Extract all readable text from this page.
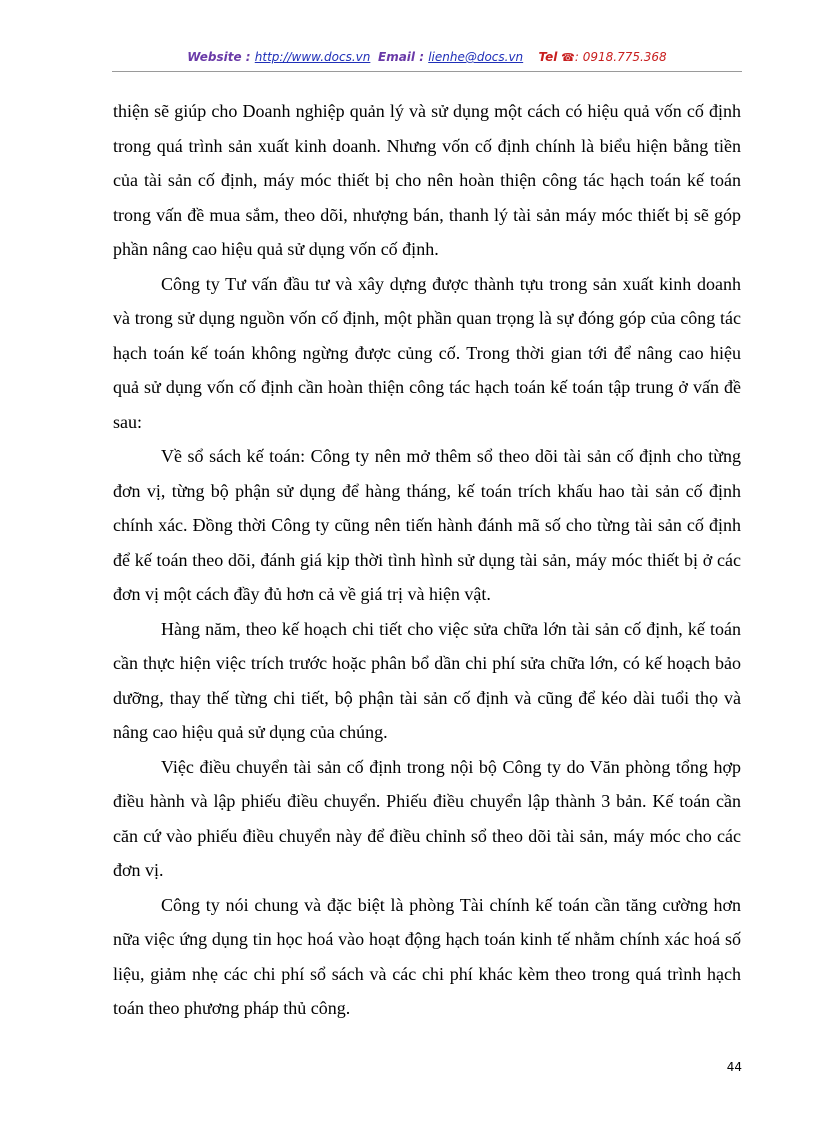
Website : http://www.docs.vn Email : lienhe@docs.vn Tel ☎: 0918.775.368

thiện sẽ giúp cho Doanh nghiệp quản lý và sử dụng một cách có hiệu quả vốn cố định trong quá trình sản xuất kinh doanh. Nhưng vốn cố định chính là biểu hiện bằng tiền của tài sản cố định, máy móc thiết bị cho nên hoàn thiện công tác hạch toán kế toán trong vấn đề mua sắm, theo dõi, nhượng bán, thanh lý tài sản máy móc thiết bị sẽ góp phần nâng cao hiệu quả sử dụng vốn cố định.

Công ty Tư vấn đầu tư và xây dựng được thành tựu trong sản xuất kinh doanh và trong sử dụng nguồn vốn cố định, một phần quan trọng là sự đóng góp của công tác hạch toán kế toán không ngừng được củng cố. Trong thời gian tới để nâng cao hiệu quả sử dụng vốn cố định cần hoàn thiện công tác hạch toán kế toán tập trung ở vấn đề sau:

Về sổ sách kế toán: Công ty nên mở thêm sổ theo dõi tài sản cố định cho từng đơn vị, từng bộ phận sử dụng để hàng tháng, kế toán trích khấu hao tài sản cố định chính xác. Đồng thời Công ty cũng nên tiến hành đánh mã số cho từng tài sản cố định để kế toán theo dõi, đánh giá kịp thời tình hình sử dụng tài sản, máy móc thiết bị ở các đơn vị một cách đầy đủ hơn cả về giá trị và hiện vật.

Hàng năm, theo kế hoạch chi tiết cho việc sửa chữa lớn tài sản cố định, kế toán cần thực hiện việc trích trước hoặc phân bổ dần chi phí sửa chữa lớn, có kế hoạch bảo dưỡng, thay thế từng chi tiết, bộ phận tài sản cố định và cũng để kéo dài tuổi thọ và nâng cao hiệu quả sử dụng của chúng.

Việc điều chuyển tài sản cố định trong nội bộ Công ty do Văn phòng tổng hợp điều hành và lập phiếu điều chuyển. Phiếu điều chuyển lập thành 3 bản. Kế toán cần căn cứ vào phiếu điều chuyển này để điều chỉnh sổ theo dõi tài sản, máy móc cho các đơn vị.

Công ty nói chung và đặc biệt là phòng Tài chính kế toán cần tăng cường hơn nữa việc ứng dụng tin học hoá vào hoạt động hạch toán kinh tế nhằm chính xác hoá số liệu, giảm nhẹ các chi phí sổ sách và các chi phí khác kèm theo trong quá trình hạch toán theo phương pháp thủ công.

44
